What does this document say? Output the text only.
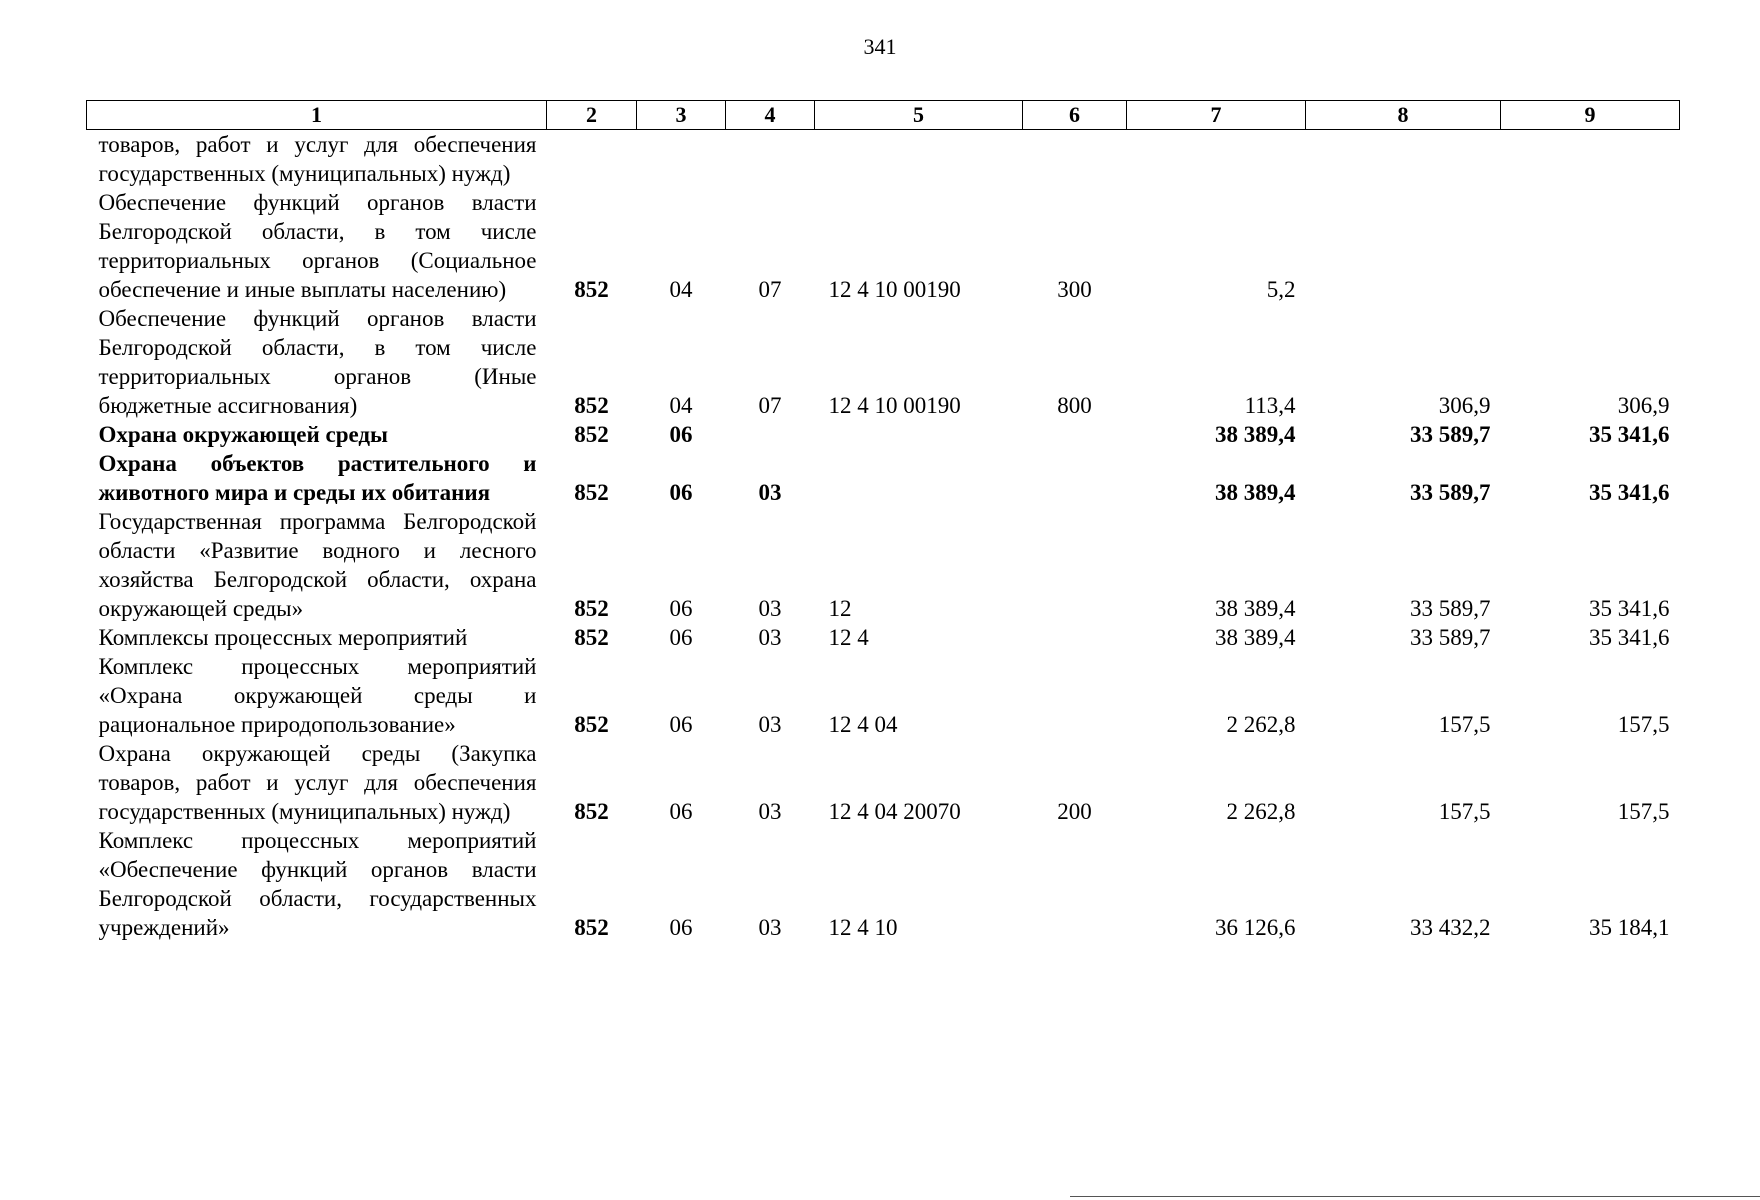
341
1	2	3	4	5	6	7	8	9
товаров, работ и услуг для обеспечения государственных (муниципальных) нужд)								
Обеспечение функций органов власти Белгородской области, в том числе территориальных органов (Социальное обеспечение и иные выплаты населению)	852	04	07	12 4 10 00190	300	5,2		
Обеспечение функций органов власти Белгородской области, в том числе территориальных органов (Иные бюджетные ассигнования)	852	04	07	12 4 10 00190	800	113,4	306,9	306,9
Охрана окружающей среды	852	06				38 389,4	33 589,7	35 341,6
Охрана объектов растительного и животного мира и среды их обитания	852	06	03			38 389,4	33 589,7	35 341,6
Государственная программа Белгородской области «Развитие водного и лесного хозяйства Белгородской области, охрана окружающей среды»	852	06	03	12		38 389,4	33 589,7	35 341,6
Комплексы процессных мероприятий	852	06	03	12 4		38 389,4	33 589,7	35 341,6
Комплекс процессных мероприятий «Охрана окружающей среды и рациональное природопользование»	852	06	03	12 4 04		2 262,8	157,5	157,5
Охрана окружающей среды (Закупка товаров, работ и услуг для обеспечения государственных (муниципальных) нужд)	852	06	03	12 4 04 20070	200	2 262,8	157,5	157,5
Комплекс процессных мероприятий «Обеспечение функций органов власти Белгородской области, государственных учреждений»	852	06	03	12 4 10		36 126,6	33 432,2	35 184,1
